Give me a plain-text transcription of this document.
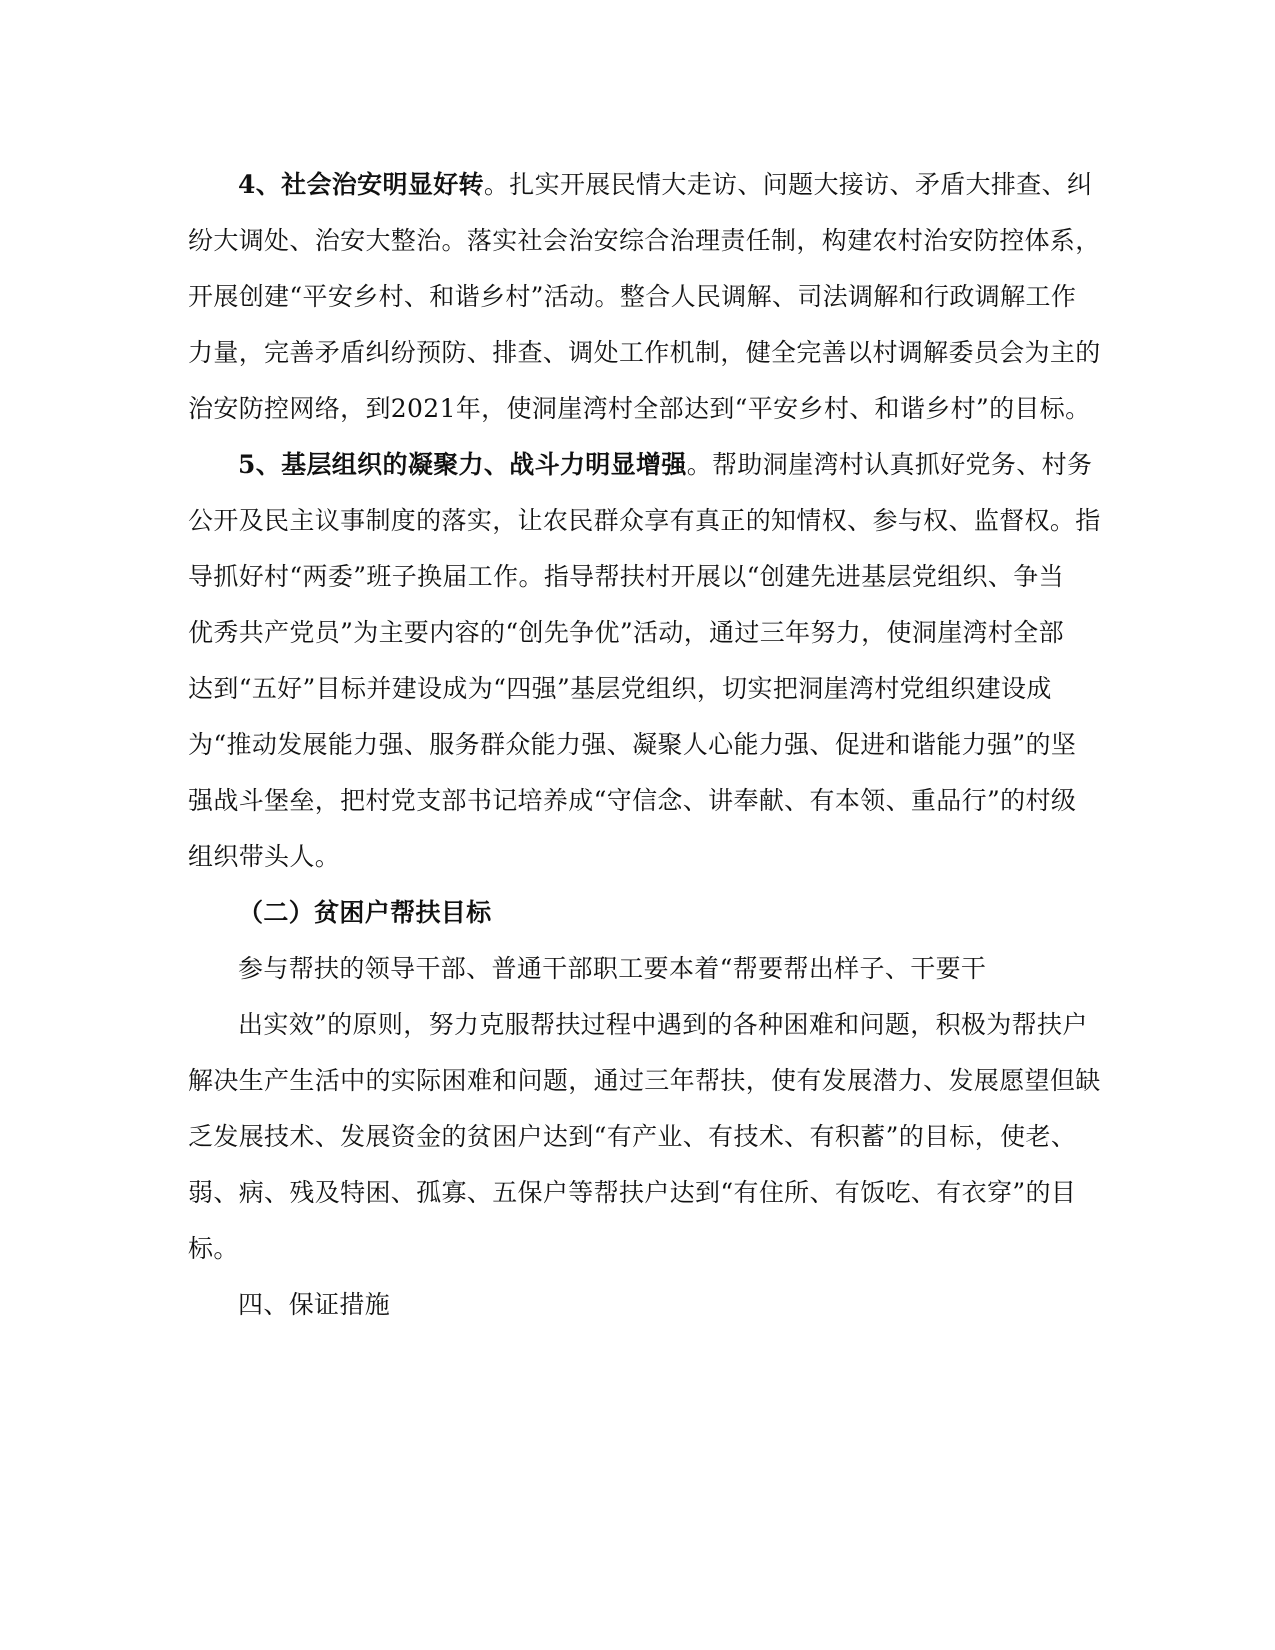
4、社会治安明显好转。扎实开展民情大走访、问题大接访、矛盾大排查、纠
纷大调处、治安大整治。落实社会治安综合治理责任制，构建农村治安防控体系，
开展创建“平安乡村、和谐乡村”活动。整合人民调解、司法调解和行政调解工作
力量，完善矛盾纠纷预防、排查、调处工作机制，健全完善以村调解委员会为主的
治安防控网络，到2021年，使洞崖湾村全部达到“平安乡村、和谐乡村”的目标。
5、基层组织的凝聚力、战斗力明显增强。帮助洞崖湾村认真抓好党务、村务
公开及民主议事制度的落实，让农民群众享有真正的知情权、参与权、监督权。指
导抓好村“两委”班子换届工作。指导帮扶村开展以“创建先进基层党组织、争当
优秀共产党员”为主要内容的“创先争优”活动，通过三年努力，使洞崖湾村全部
达到“五好”目标并建设成为“四强”基层党组织，切实把洞崖湾村党组织建设成
为“推动发展能力强、服务群众能力强、凝聚人心能力强、促进和谐能力强”的坚
强战斗堡垒，把村党支部书记培养成“守信念、讲奉献、有本领、重品行”的村级
组织带头人。
（二）贫困户帮扶目标
参与帮扶的领导干部、普通干部职工要本着“帮要帮出样子、干要干
出实效”的原则，努力克服帮扶过程中遇到的各种困难和问题，积极为帮扶户
解决生产生活中的实际困难和问题，通过三年帮扶，使有发展潜力、发展愿望但缺
乏发展技术、发展资金的贫困户达到“有产业、有技术、有积蓄”的目标，使老、
弱、病、残及特困、孤寡、五保户等帮扶户达到“有住所、有饭吃、有衣穿”的目
标。
四、保证措施
